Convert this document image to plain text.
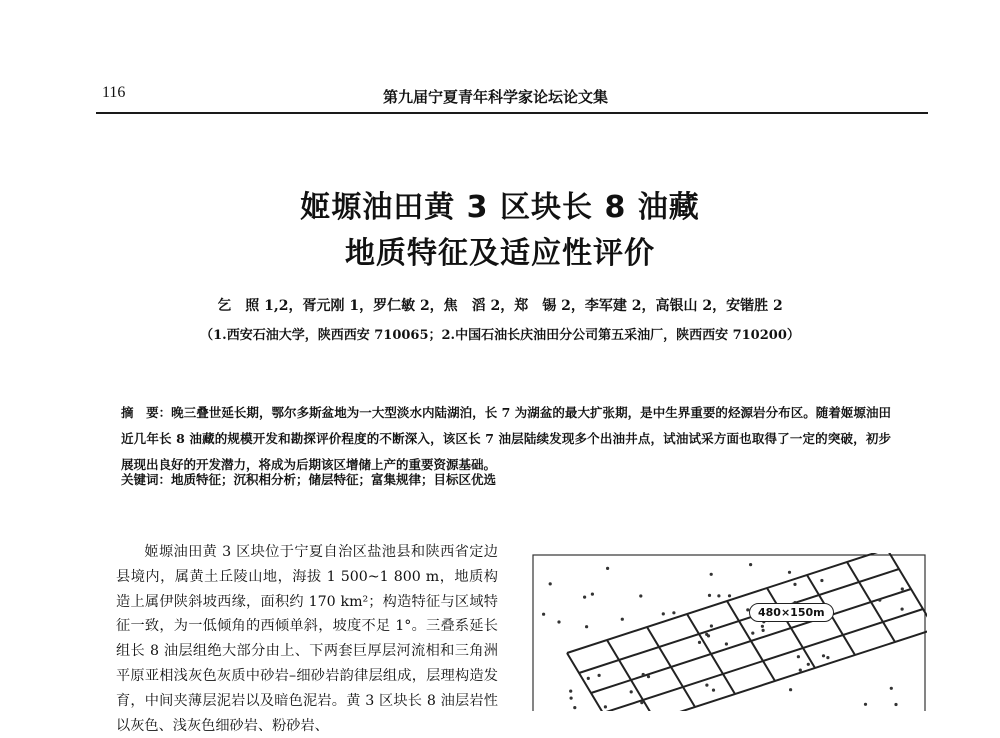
116	第九届宁夏青年科学家论坛论文集
姬塬油田黄 3 区块长 8 油藏
地质特征及适应性评价
乞　照 1,2，胥元刚 1，罗仁敏 2，焦　滔 2，郑　锡 2，李军建 2，高银山 2，安锴胜 2
（1.西安石油大学，陕西西安 710065；2.中国石油长庆油田分公司第五采油厂，陕西西安 710200）
摘　要：晚三叠世延长期，鄂尔多斯盆地为一大型淡水内陆湖泊，长 7 为湖盆的最大扩张期，是中生界重要的烃源岩分布区。随着姬塬油田近几年长 8 油藏的规模开发和勘探评价程度的不断深入，该区长 7 油层陆续发现多个出油井点，试油试采方面也取得了一定的突破，初步展现出良好的开发潜力，将成为后期该区增储上产的重要资源基础。
关键词：地质特征；沉积相分析；储层特征；富集规律；目标区优选
姬塬油田黄 3 区块位于宁夏自治区盐池县和陕西省定边县境内，属黄土丘陵山地，海拔 1 500~1 800 m，地质构造上属伊陕斜坡西缘，面积约 170 km²；构造特征与区域特征一致，为一低倾角的西倾单斜，坡度不足 1°。三叠系延长组长 8 油层组绝大部分由上、下两套巨厚层河流相和三角洲平原亚相浅灰色灰质中砂岩–细砂岩韵律层组成，层理构造发育，中间夹薄层泥岩以及暗色泥岩。黄 3 区块长 8 油层岩性以灰色、浅灰色细砂岩、粉砂岩、
480×150m
